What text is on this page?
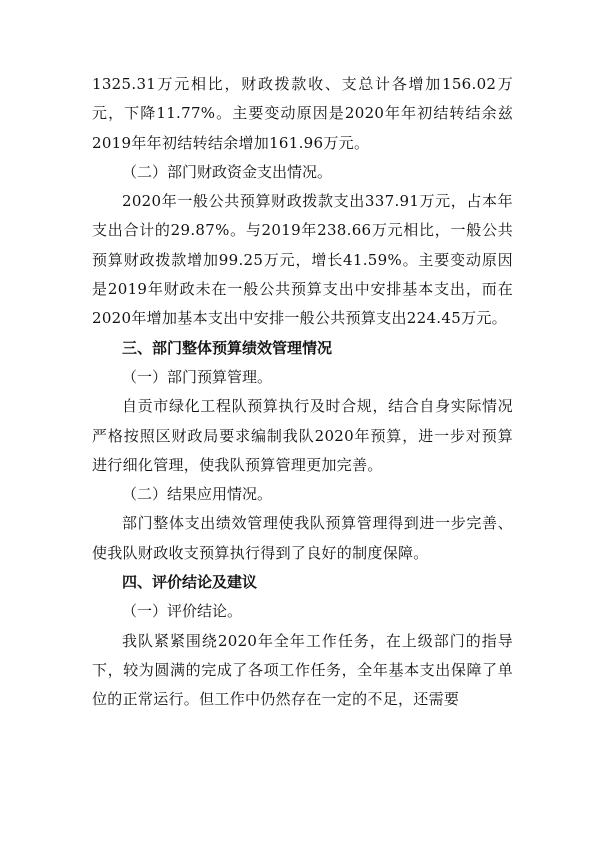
1325.31万元相比，财政拨款收、支总计各增加156.02万元，下降11.77%。主要变动原因是2020年年初结转结余兹2019年年初结转结余增加161.96万元。

（二）部门财政资金支出情况。

2020年一般公共预算财政拨款支出337.91万元，占本年支出合计的29.87%。与2019年238.66万元相比，一般公共预算财政拨款增加99.25万元，增长41.59%。主要变动原因是2019年财政未在一般公共预算支出中安排基本支出，而在2020年增加基本支出中安排一般公共预算支出224.45万元。

三、部门整体预算绩效管理情况

（一）部门预算管理。

自贡市绿化工程队预算执行及时合规，结合自身实际情况严格按照区财政局要求编制我队2020年预算，进一步对预算进行细化管理，使我队预算管理更加完善。

（二）结果应用情况。

部门整体支出绩效管理使我队预算管理得到进一步完善、使我队财政收支预算执行得到了良好的制度保障。

四、评价结论及建议

（一）评价结论。

我队紧紧围绕2020年全年工作任务，在上级部门的指导下，较为圆满的完成了各项工作任务，全年基本支出保障了单位的正常运行。但工作中仍然存在一定的不足，还需要
